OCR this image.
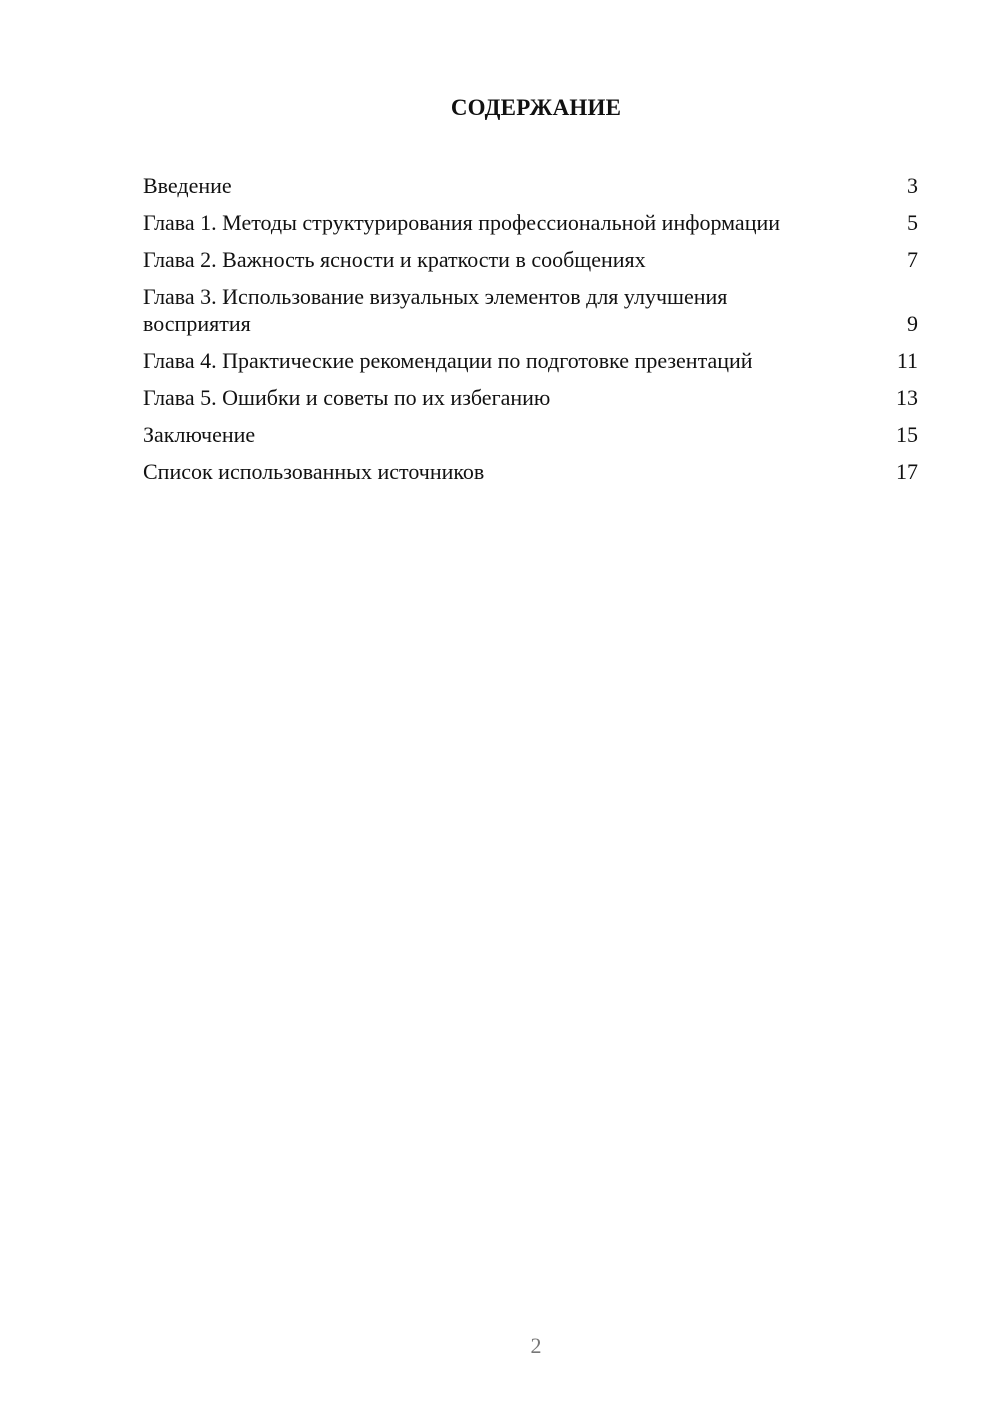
СОДЕРЖАНИЕ
Введение	3
Глава 1. Методы структурирования профессиональной информации	5
Глава 2. Важность ясности и краткости в сообщениях	7
Глава 3. Использование визуальных элементов для улучшения восприятия	9
Глава 4. Практические рекомендации по подготовке презентаций	11
Глава 5. Ошибки и советы по их избеганию	13
Заключение	15
Список использованных источников	17
2
